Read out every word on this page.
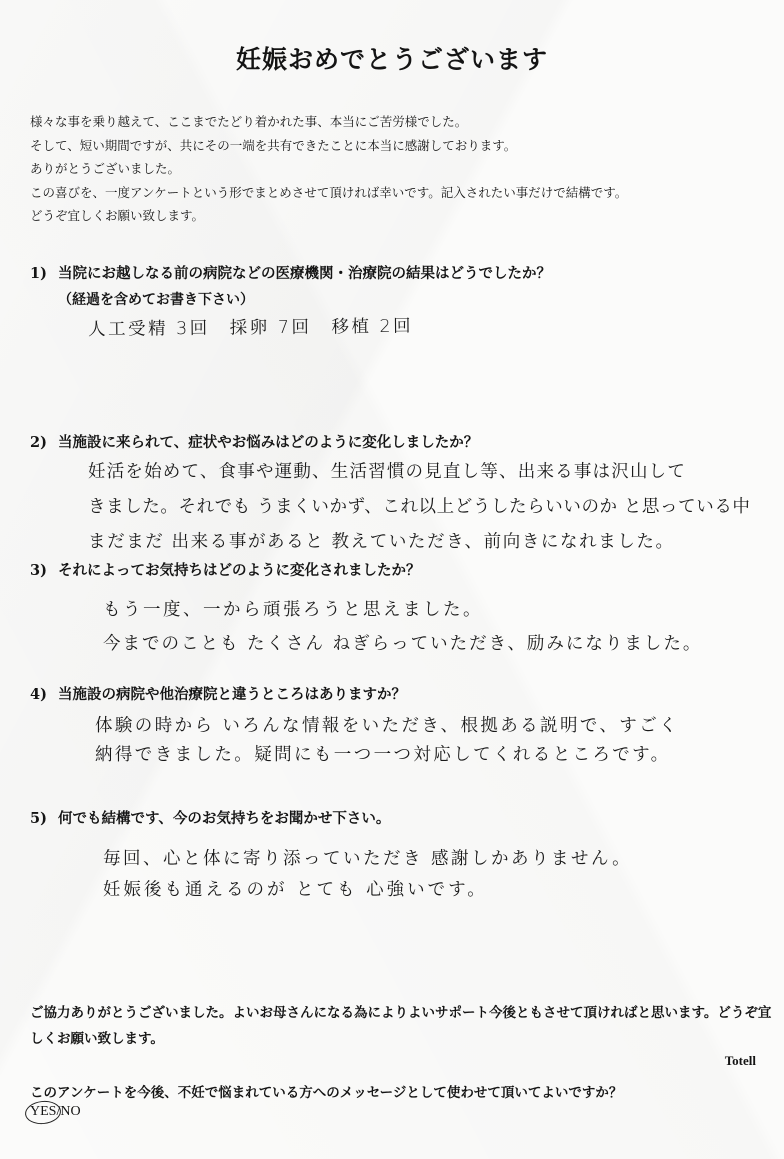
妊娠おめでとうございます
様々な事を乗り越えて、ここまでたどり着かれた事、本当にご苦労様でした。
そして、短い期間ですが、共にその一端を共有できたことに本当に感謝しております。
ありがとうございました。
この喜びを、一度アンケートという形でまとめさせて頂ければ幸いです。記入されたい事だけで結構です。
どうぞ宜しくお願い致します。
1) 当院にお越しなる前の病院などの医療機関・治療院の結果はどうでしたか？
（経過を含めてお書き下さい）
人工受精 3回　採卵 7回　移植 2回
2) 当施設に来られて、症状やお悩みはどのように変化しましたか？
妊活を始めて、食事や運動、生活習慣の見直し等、出来る事は沢山して
きました。それでも うまくいかず、これ以上どうしたらいいのか と思っている中
まだまだ 出来る事があると 教えていただき、前向きになれました。
3) それによってお気持ちはどのように変化されましたか？
もう一度、一から頑張ろうと思えました。
今までのことも たくさん ねぎらっていただき、励みになりました。
4) 当施設の病院や他治療院と違うところはありますか？
体験の時から いろんな情報をいただき、根拠ある説明で、すごく
納得できました。疑問にも一つ一つ対応してくれるところです。
5) 何でも結構です、今のお気持ちをお聞かせ下さい。
毎回、心と体に寄り添っていただき 感謝しかありません。
妊娠後も通えるのが とても 心強いです。
ご協力ありがとうございました。よいお母さんになる為によりよいサポート今後ともさせて頂ければと思います。どうぞ宜しくお願い致します。
Totell
このアンケートを今後、不妊で悩まれている方へのメッセージとして使わせて頂いてよいですか？
YES/NO
